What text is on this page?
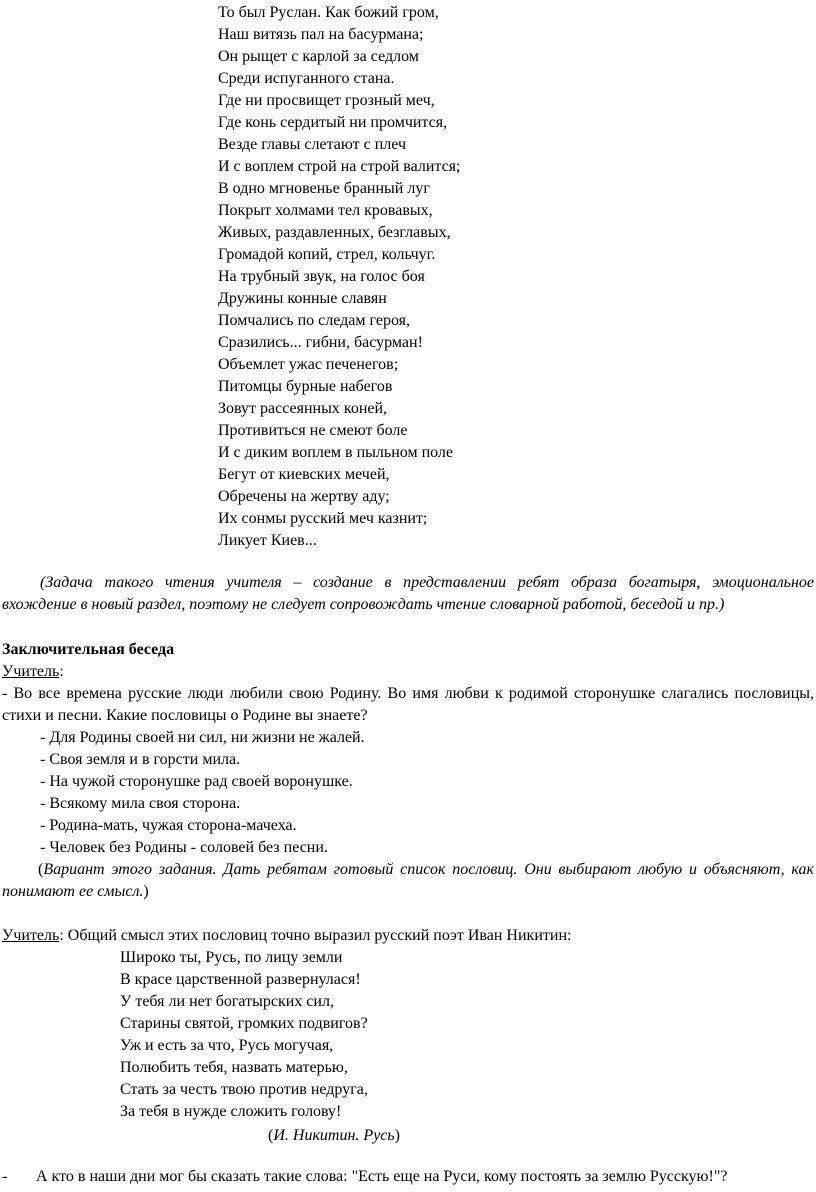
То был Руслан. Как божий гром,
Наш витязь пал на басурмана;
Он рыщет с карлой за седлом
Среди испуганного стана.
Где ни просвищет грозный меч,
Где конь сердитый ни промчится,
Везде главы слетают с плеч
И с воплем строй на строй валится;
В одно мгновенье бранный луг
Покрыт холмами тел кровавых,
Живых, раздавленных, безглавых,
Громадой копий, стрел, кольчуг.
На трубный звук, на голос боя
Дружины конные славян
Помчались по следам героя,
Сразились... гибни, басурман!
Объемлет ужас печенегов;
Питомцы бурные набегов
Зовут рассеянных коней,
Противиться не смеют боле
И с диким воплем в пыльном поле
Бегут от киевских мечей,
Обречены на жертву аду;
Их сонмы русский меч казнит;
Ликует Киев...
(Задача такого чтения учителя – создание в представлении ребят образа богатыря, эмоциональное
вхождение в новый раздел, поэтому не следует сопровождать чтение словарной работой, беседой и пр.)
Заключительная беседа
Учитель:
- Во все времена русские люди любили свою Родину. Во имя любви к родимой сторонушке слагались пословицы,
стихи и песни. Какие пословицы о Родине вы знаете?
- Для Родины своей ни сил, ни жизни не жалей.
- Своя земля и в горсти мила.
- На чужой сторонушке рад своей воронушке.
- Всякому мила своя сторона.
- Родина-мать, чужая сторона-мачеха.
- Человек без Родины - соловей без песни.
(Вариант этого задания. Дать ребятам готовый список пословиц. Они выбирают любую и объясняют, как
понимают ее смысл.)
Учитель: Общий смысл этих пословиц точно выразил русский поэт Иван Никитин:
Широко ты, Русь, по лицу земли
В красе царственной развернулася!
У тебя ли нет богатырских сил,
Старины святой, громких подвигов?
Уж и есть за что, Русь могучая,
Полюбить тебя, назвать матерью,
Стать за честь твою против недруга,
За тебя в нужде сложить голову!
(И. Никитин. Русь)
- А кто в наши дни мог бы сказать такие слова: "Есть еще на Руси, кому постоять за землю Русскую!"?
